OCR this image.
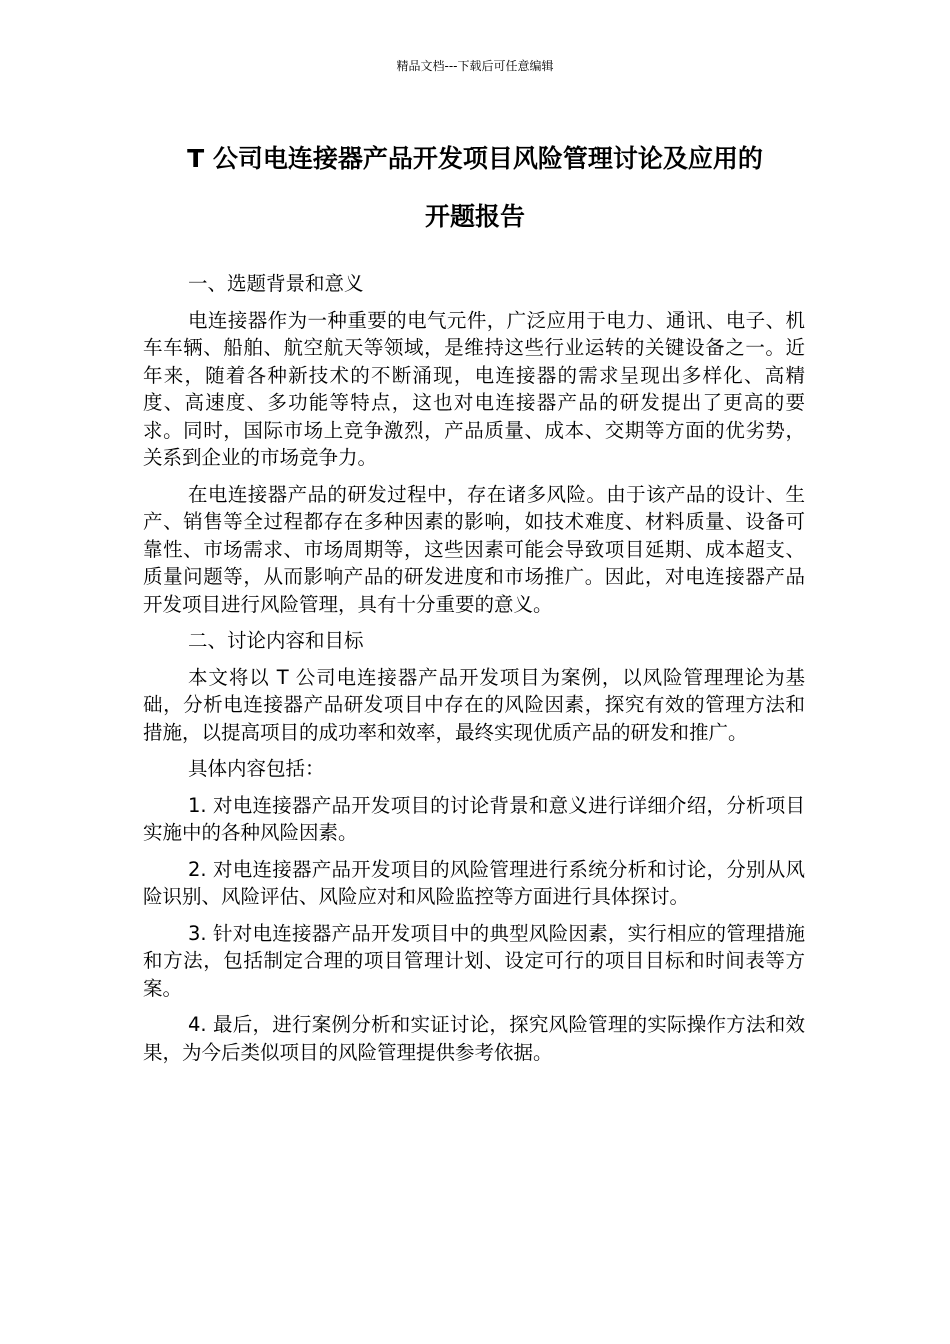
精品文档---下载后可任意编辑
T 公司电连接器产品开发项目风险管理讨论及应用的
开题报告

一、选题背景和意义

电连接器作为一种重要的电气元件，广泛应用于电力、通讯、电子、机车车辆、船舶、航空航天等领域，是维持这些行业运转的关键设备之一。近年来，随着各种新技术的不断涌现，电连接器的需求呈现出多样化、高精度、高速度、多功能等特点，这也对电连接器产品的研发提出了更高的要求。同时，国际市场上竞争激烈，产品质量、成本、交期等方面的优劣势，关系到企业的市场竞争力。

在电连接器产品的研发过程中，存在诸多风险。由于该产品的设计、生产、销售等全过程都存在多种因素的影响，如技术难度、材料质量、设备可靠性、市场需求、市场周期等，这些因素可能会导致项目延期、成本超支、质量问题等，从而影响产品的研发进度和市场推广。因此，对电连接器产品开发项目进行风险管理，具有十分重要的意义。

二、讨论内容和目标

本文将以 T 公司电连接器产品开发项目为案例，以风险管理理论为基础，分析电连接器产品研发项目中存在的风险因素，探究有效的管理方法和措施，以提高项目的成功率和效率，最终实现优质产品的研发和推广。

具体内容包括：

1. 对电连接器产品开发项目的讨论背景和意义进行详细介绍，分析项目实施中的各种风险因素。

2. 对电连接器产品开发项目的风险管理进行系统分析和讨论，分别从风险识别、风险评估、风险应对和风险监控等方面进行具体探讨。

3. 针对电连接器产品开发项目中的典型风险因素，实行相应的管理措施和方法，包括制定合理的项目管理计划、设定可行的项目目标和时间表等方案。

4. 最后，进行案例分析和实证讨论，探究风险管理的实际操作方法和效果，为今后类似项目的风险管理提供参考依据。
